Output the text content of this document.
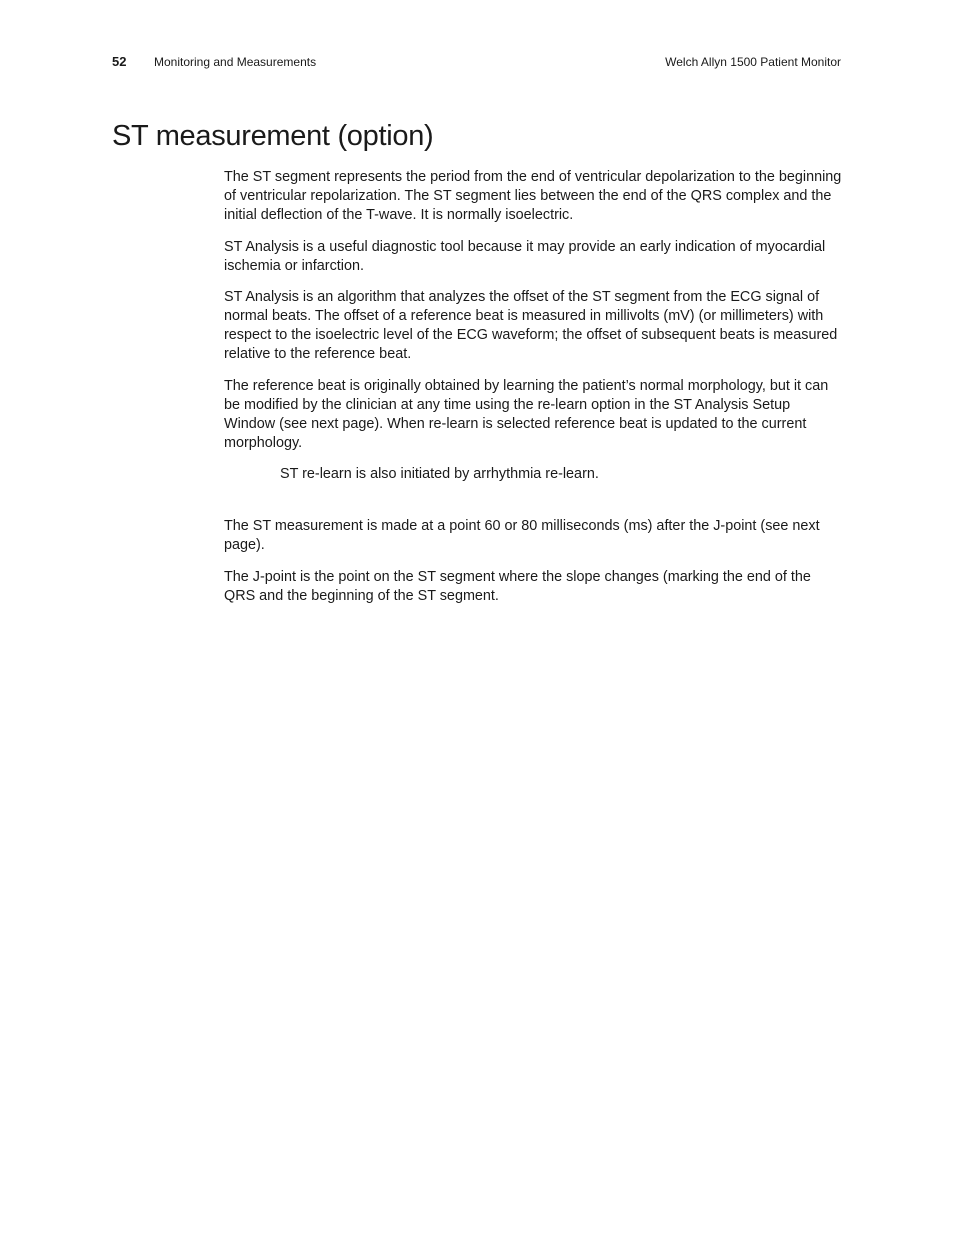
52 Monitoring and Measurements	Welch Allyn 1500 Patient Monitor
ST measurement (option)

The ST segment represents the period from the end of ventricular depolarization to the beginning of ventricular repolarization. The ST segment lies between the end of the QRS complex and the initial deflection of the T-wave. It is normally isoelectric.

ST Analysis is a useful diagnostic tool because it may provide an early indication of myocardial ischemia or infarction.

ST Analysis is an algorithm that analyzes the offset of the ST segment from the ECG signal of normal beats. The offset of a reference beat is measured in millivolts (mV) (or millimeters) with respect to the isoelectric level of the ECG waveform; the offset of subsequent beats is measured relative to the reference beat.

The reference beat is originally obtained by learning the patient’s normal morphology, but it can be modified by the clinician at any time using the re-learn option in the ST Analysis Setup Window (see next page). When re-learn is selected reference beat is updated to the current morphology.

ST re-learn is also initiated by arrhythmia re-learn.

The ST measurement is made at a point 60 or 80 milliseconds (ms) after the J-point (see next page).

The J-point is the point on the ST segment where the slope changes (marking the end of the QRS and the beginning of the ST segment.
